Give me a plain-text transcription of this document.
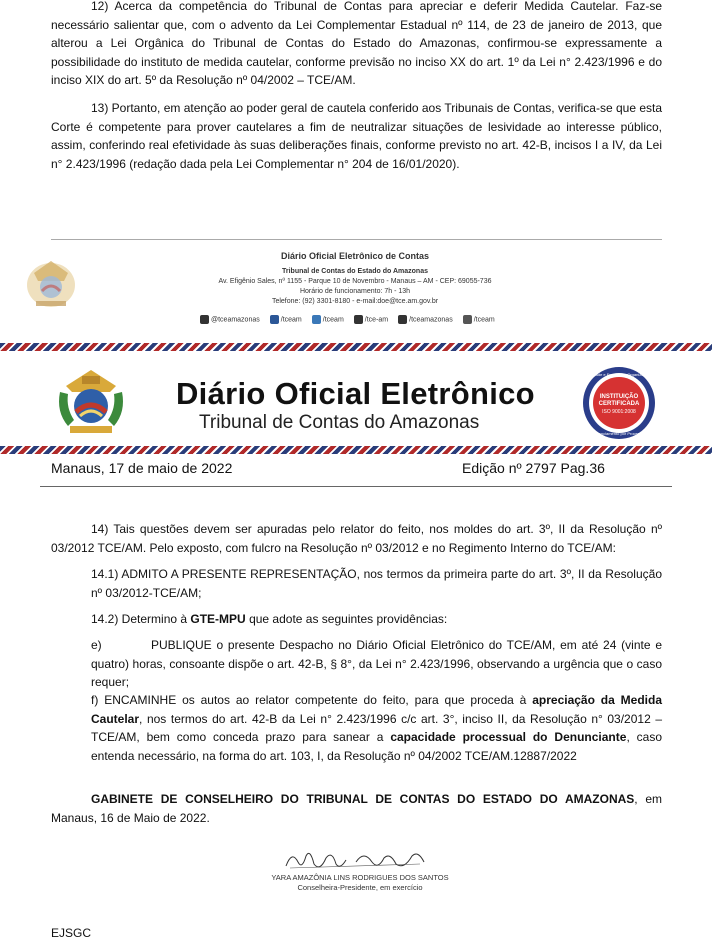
12) Acerca da competência do Tribunal de Contas para apreciar e deferir Medida Cautelar. Faz-se necessário salientar que, com o advento da Lei Complementar Estadual nº 114, de 23 de janeiro de 2013, que alterou a Lei Orgânica do Tribunal de Contas do Estado do Amazonas, confirmou-se expressamente a possibilidade do instituto de medida cautelar, conforme previsão no inciso XX do art. 1º da Lei n° 2.423/1996 e do inciso XIX do art. 5º da Resolução nº 04/2002 – TCE/AM.

13) Portanto, em atenção ao poder geral de cautela conferido aos Tribunais de Contas, verifica-se que esta Corte é competente para prover cautelares a fim de neutralizar situações de lesividade ao interesse público, assim, conferindo real efetividade às suas deliberações finais, conforme previsto no art. 42-B, incisos I a IV, da Lei n° 2.423/1996 (redação dada pela Lei Complementar n° 204 de 16/01/2020).

Diário Oficial Eletrônico de Contas
Tribunal de Contas do Estado do Amazonas
Av. Efigênio Sales, nº 1155 - Parque 10 de Novembro - Manaus – AM - CEP: 69055-736
Horário de funcionamento: 7h - 13h
Telefone: (92) 3301-8180 - e-mail:doe@tce.am.gov.br
@tceamazonas	/tceam	/tceam	/tce-am	/tceamazonas	/tceam
Diário Oficial Eletrônico
Tribunal de Contas do Amazonas
Qualidade e Excelência Organizacional
INSTITUIÇÃO
CERTIFICADA
ISO 9001:2008
Gerenciamento por Processos
Manaus, 17 de maio de 2022	Edição nº 2797 Pag.36

14) Tais questões devem ser apuradas pelo relator do feito, nos moldes do art. 3º, II da Resolução nº 03/2012 TCE/AM. Pelo exposto, com fulcro na Resolução nº 03/2012 e no Regimento Interno do TCE/AM:

14.1) ADMITO A PRESENTE REPRESENTAÇÃO, nos termos da primeira parte do art. 3º, II da Resolução nº 03/2012-TCE/AM;

14.2) Determino à GTE-MPU que adote as seguintes providências:

e)	PUBLIQUE o presente Despacho no Diário Oficial Eletrônico do TCE/AM, em até 24 (vinte e quatro) horas, consoante dispõe o art. 42-B, § 8°, da Lei n° 2.423/1996, observando a urgência que o caso requer;

f) ENCAMINHE os autos ao relator competente do feito, para que proceda à apreciação da Medida Cautelar, nos termos do art. 42-B da Lei n° 2.423/1996 c/c art. 3°, inciso II, da Resolução n° 03/2012 – TCE/AM, bem como conceda prazo para sanear a capacidade processual do Denunciante, caso entenda necessário, na forma do art. 103, I, da Resolução nº 04/2002 TCE/AM.12887/2022

GABINETE DE CONSELHEIRO DO TRIBUNAL DE CONTAS DO ESTADO DO AMAZONAS, em Manaus, 16 de Maio de 2022.

YARA AMAZÔNIA LINS RODRIGUES DOS SANTOS
Conselheira-Presidente, em exercício
EJSGC
